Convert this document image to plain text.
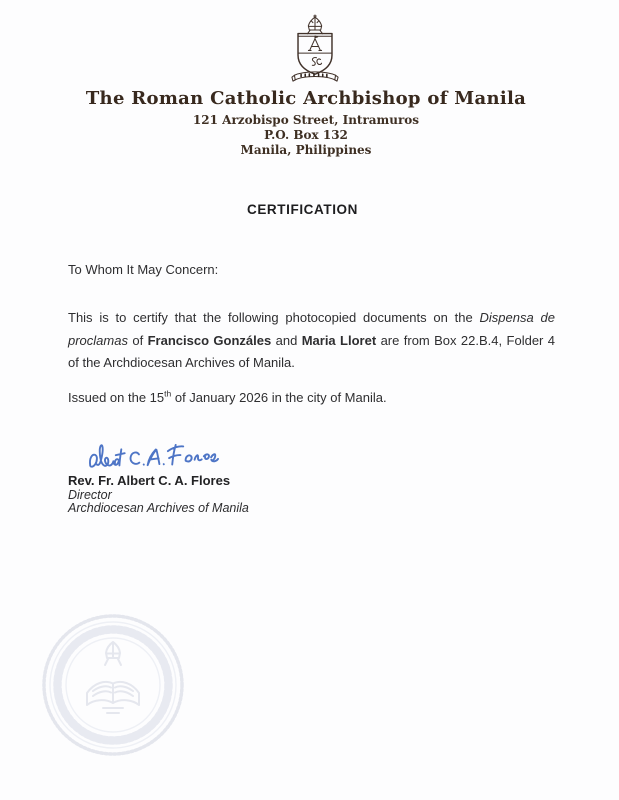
The Roman Catholic Archbishop of Manila
121 Arzobispo Street, Intramuros
P.O. Box 132
Manila, Philippines
CERTIFICATION

To Whom It May Concern:

This is to certify that the following photocopied documents on the Dispensa de proclamas of Francisco Gonzáles and Maria Lloret are from Box 22.B.4, Folder 4 of the Archdiocesan Archives of Manila.

Issued on the 15th of January 2026 in the city of Manila.

Rev. Fr. Albert C. A. Flores
Director
Archdiocesan Archives of Manila
